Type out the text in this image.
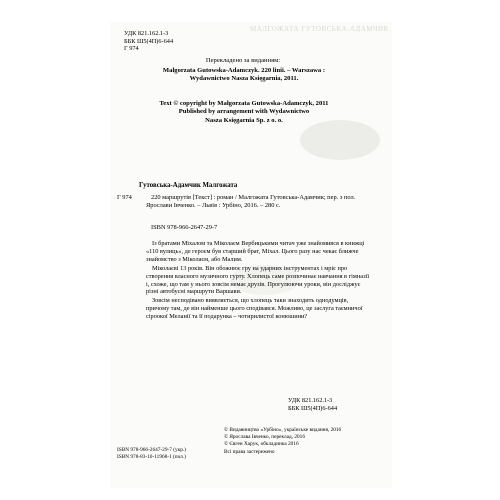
МАЛГОЖАТА ГУТОВСЬКА-АДАМЧИК
УДК 821.162.1-3
ББК Ш5(4П)6-644
Г 974
Перекладено за виданням:
Małgorzata Gutowska-Adamczyk. 220 linii. – Warszawa :
Wydawnictwo Nasza Księgarnia, 2011.
Text © copyright by Małgorzata Gutowska-Adamczyk, 2011
Published by arrangement with Wydawnictwo
Nasza Księgarnia Sp. z o. o.
Гутовська-Адамчик Малгожата
Г 974	220 маршрутів [Текст] : роман / Малгожата Гутовська-Адамчик; пер. з пол. Ярослави Івченко. – Львів : Урбіно, 2016. – 280 с.
ISBN 978-966-2647-29-7

Із братами Міхалом та Міколаєм Вербицькими читач уже знайомився в книжці «110 вулиць», де героєм був старший брат, Міхал. Цього разу нас чекає ближче знайомство з Міколаєм, або Малим.

Міколаєві 13 років. Він обожнює гру на ударних інструментах і мріє про створення власного музичного гурту. Хлопець саме розпочинає навчання в гімназії і, схоже, що там у нього зовсім немає друзів. Прогулюючи уроки, він досліджує різні автобусні маршрути Варшави.

Зовсім несподівано виявляється, що хлопець таки знаходить однодумців, причому там, де він найменше цього сподівався. Можливо, це заслуга таємничої сіроокої Меланії та її подарунка – чотирилистої конюшини?

УДК 821.162.1-3
ББК Ш5(4П)6-644
ISBN 978-966-2647-29-7 (укр.)
ISBN 978-83-10-11968-1 (пол.)
© Видавництво «Урбіно», українське видання, 2016
© Ярослава Івченко, переклад, 2016
© Євген Харук, обкладинка 2016
Всі права застережено
